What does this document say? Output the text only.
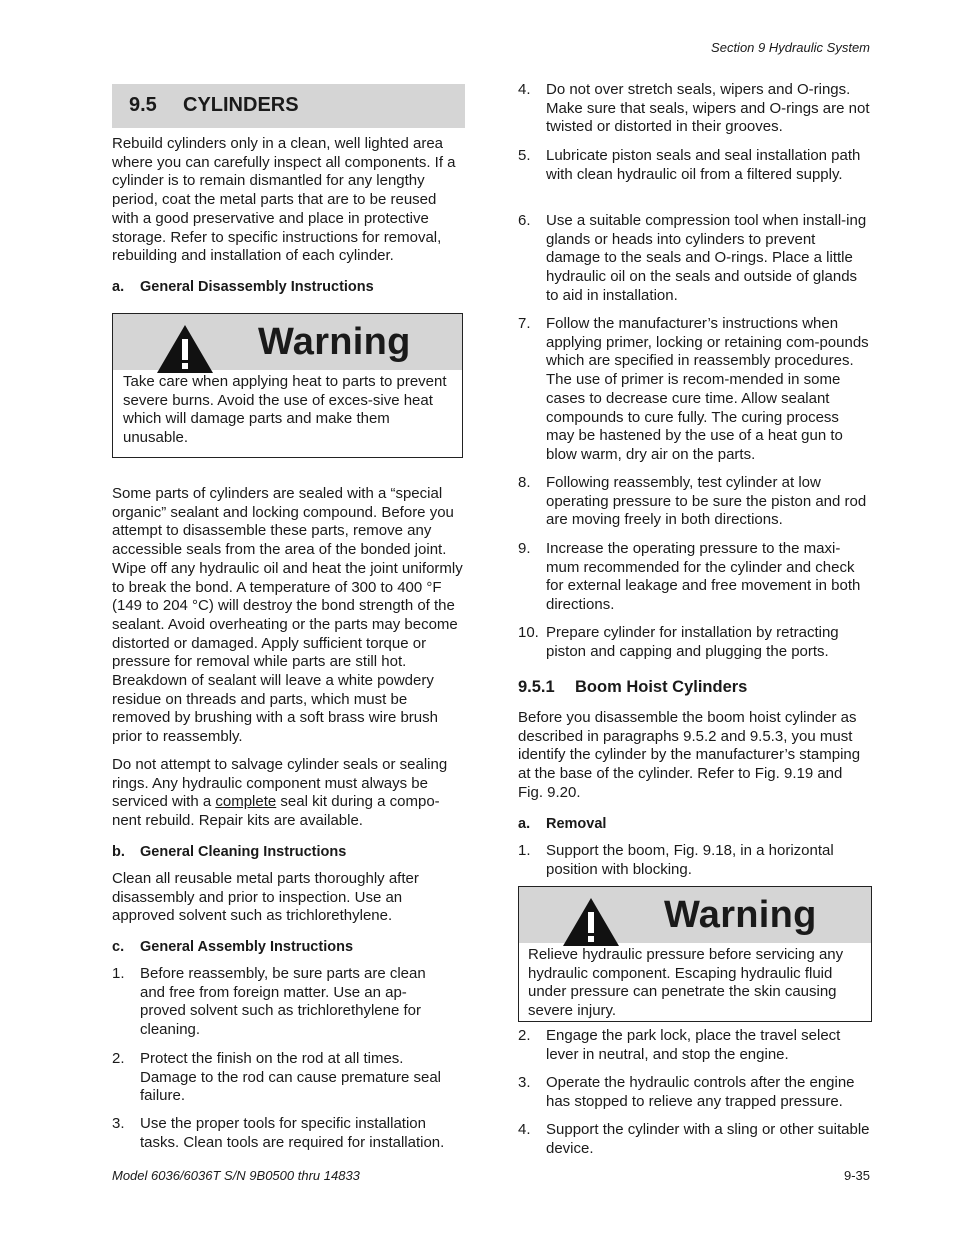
Section 9 Hydraulic System
9.5 CYLINDERS

Rebuild cylinders only in a clean, well lighted area where you can carefully inspect all components. If a cylinder is to remain dismantled for any lengthy period, coat the metal parts that are to be reused with a good preservative and place in protective storage. Refer to specific instructions for removal, rebuilding and installation of each cylinder.

a. General Disassembly Instructions
Warning

Take care when applying heat to parts to prevent severe burns. Avoid the use of exces-sive heat which will damage parts and make them unusable.

Some parts of cylinders are sealed with a “special organic” sealant and locking compound. Before you attempt to disassemble these parts, remove any accessible seals from the area of the bonded joint. Wipe off any hydraulic oil and heat the joint uniformly to break the bond. A temperature of 300 to 400 °F (149 to 204 °C) will destroy the bond strength of the sealant. Avoid overheating or the parts may become distorted or damaged. Apply sufficient torque or pressure for removal while parts are still hot. Breakdown of sealant will leave a white powdery residue on threads and parts, which must be removed by brushing with a soft brass wire brush prior to reassembly.

Do not attempt to salvage cylinder seals or sealing rings. Any hydraulic component must always be serviced with a complete seal kit during a compo-nent rebuild. Repair kits are available.

b. General Cleaning Instructions

Clean all reusable metal parts thoroughly after disassembly and prior to inspection. Use an approved solvent such as trichlorethylene.

c. General Assembly Instructions
1. Before reassembly, be sure parts are clean and free from foreign matter. Use an ap-proved solvent such as trichlorethylene for cleaning.
2. Protect the finish on the rod at all times. Damage to the rod can cause premature seal failure.
3. Use the proper tools for specific installation tasks. Clean tools are required for installation.
4. Do not over stretch seals, wipers and O-rings. Make sure that seals, wipers and O-rings are not twisted or distorted in their grooves.
5. Lubricate piston seals and seal installation path with clean hydraulic oil from a filtered supply.
6. Use a suitable compression tool when install-ing glands or heads into cylinders to prevent damage to the seals and O-rings. Place a little hydraulic oil on the seals and outside of glands to aid in installation.
7. Follow the manufacturer’s instructions when applying primer, locking or retaining com-pounds which are specified in reassembly procedures. The use of primer is recom-mended in some cases to decrease cure time. Allow sealant compounds to cure fully. The curing process may be hastened by the use of a heat gun to blow warm, dry air on the parts.
8. Following reassembly, test cylinder at low operating pressure to be sure the piston and rod are moving freely in both directions.
9. Increase the operating pressure to the maxi-mum recommended for the cylinder and check for external leakage and free movement in both directions.
10. Prepare cylinder for installation by retracting piston and capping and plugging the ports.
9.5.1 Boom Hoist Cylinders

Before you disassemble the boom hoist cylinder as described in paragraphs 9.5.2 and 9.5.3, you must identify the cylinder by the manufacturer’s stamping at the base of the cylinder. Refer to Fig. 9.19 and Fig. 9.20.

a. Removal
1. Support the boom, Fig. 9.18, in a horizontal position with blocking.
Warning

Relieve hydraulic pressure before servicing any hydraulic component. Escaping hydraulic fluid under pressure can penetrate the skin causing severe injury.

2. Engage the park lock, place the travel select lever in neutral, and stop the engine.
3. Operate the hydraulic controls after the engine has stopped to relieve any trapped pressure.
4. Support the cylinder with a sling or other suitable device.
Model 6036/6036T S/N 9B0500 thru 14833	9-35
